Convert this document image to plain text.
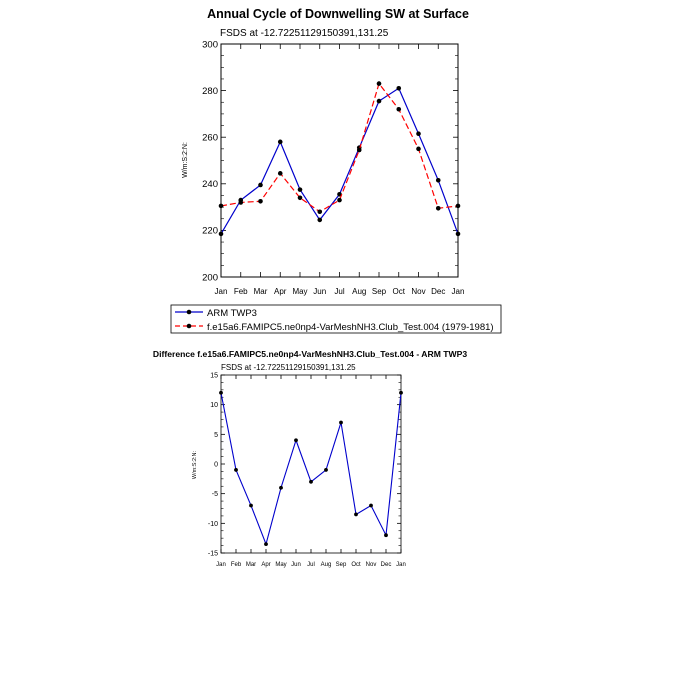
Annual Cycle of Downwelling SW at Surface
FSDS at -12.72251129150391,131.25
W/m:S:2:N:
200
220
240
260
280
300
Jan Feb Mar Apr May Jun Jul Aug Sep Oct Nov Dec Jan
ARM TWP3
f.e15a6.FAMIPC5.ne0np4-VarMeshNH3.Club_Test.004 (1979-1981)
Difference f.e15a6.FAMIPC5.ne0np4-VarMeshNH3.Club_Test.004 - ARM TWP3
FSDS at -12.72251129150391,131.25
W/m:S:2:N:
-15
-10
-5
0
5
10
15
Jan Feb Mar Apr May Jun Jul Aug Sep Oct Nov Dec Jan
